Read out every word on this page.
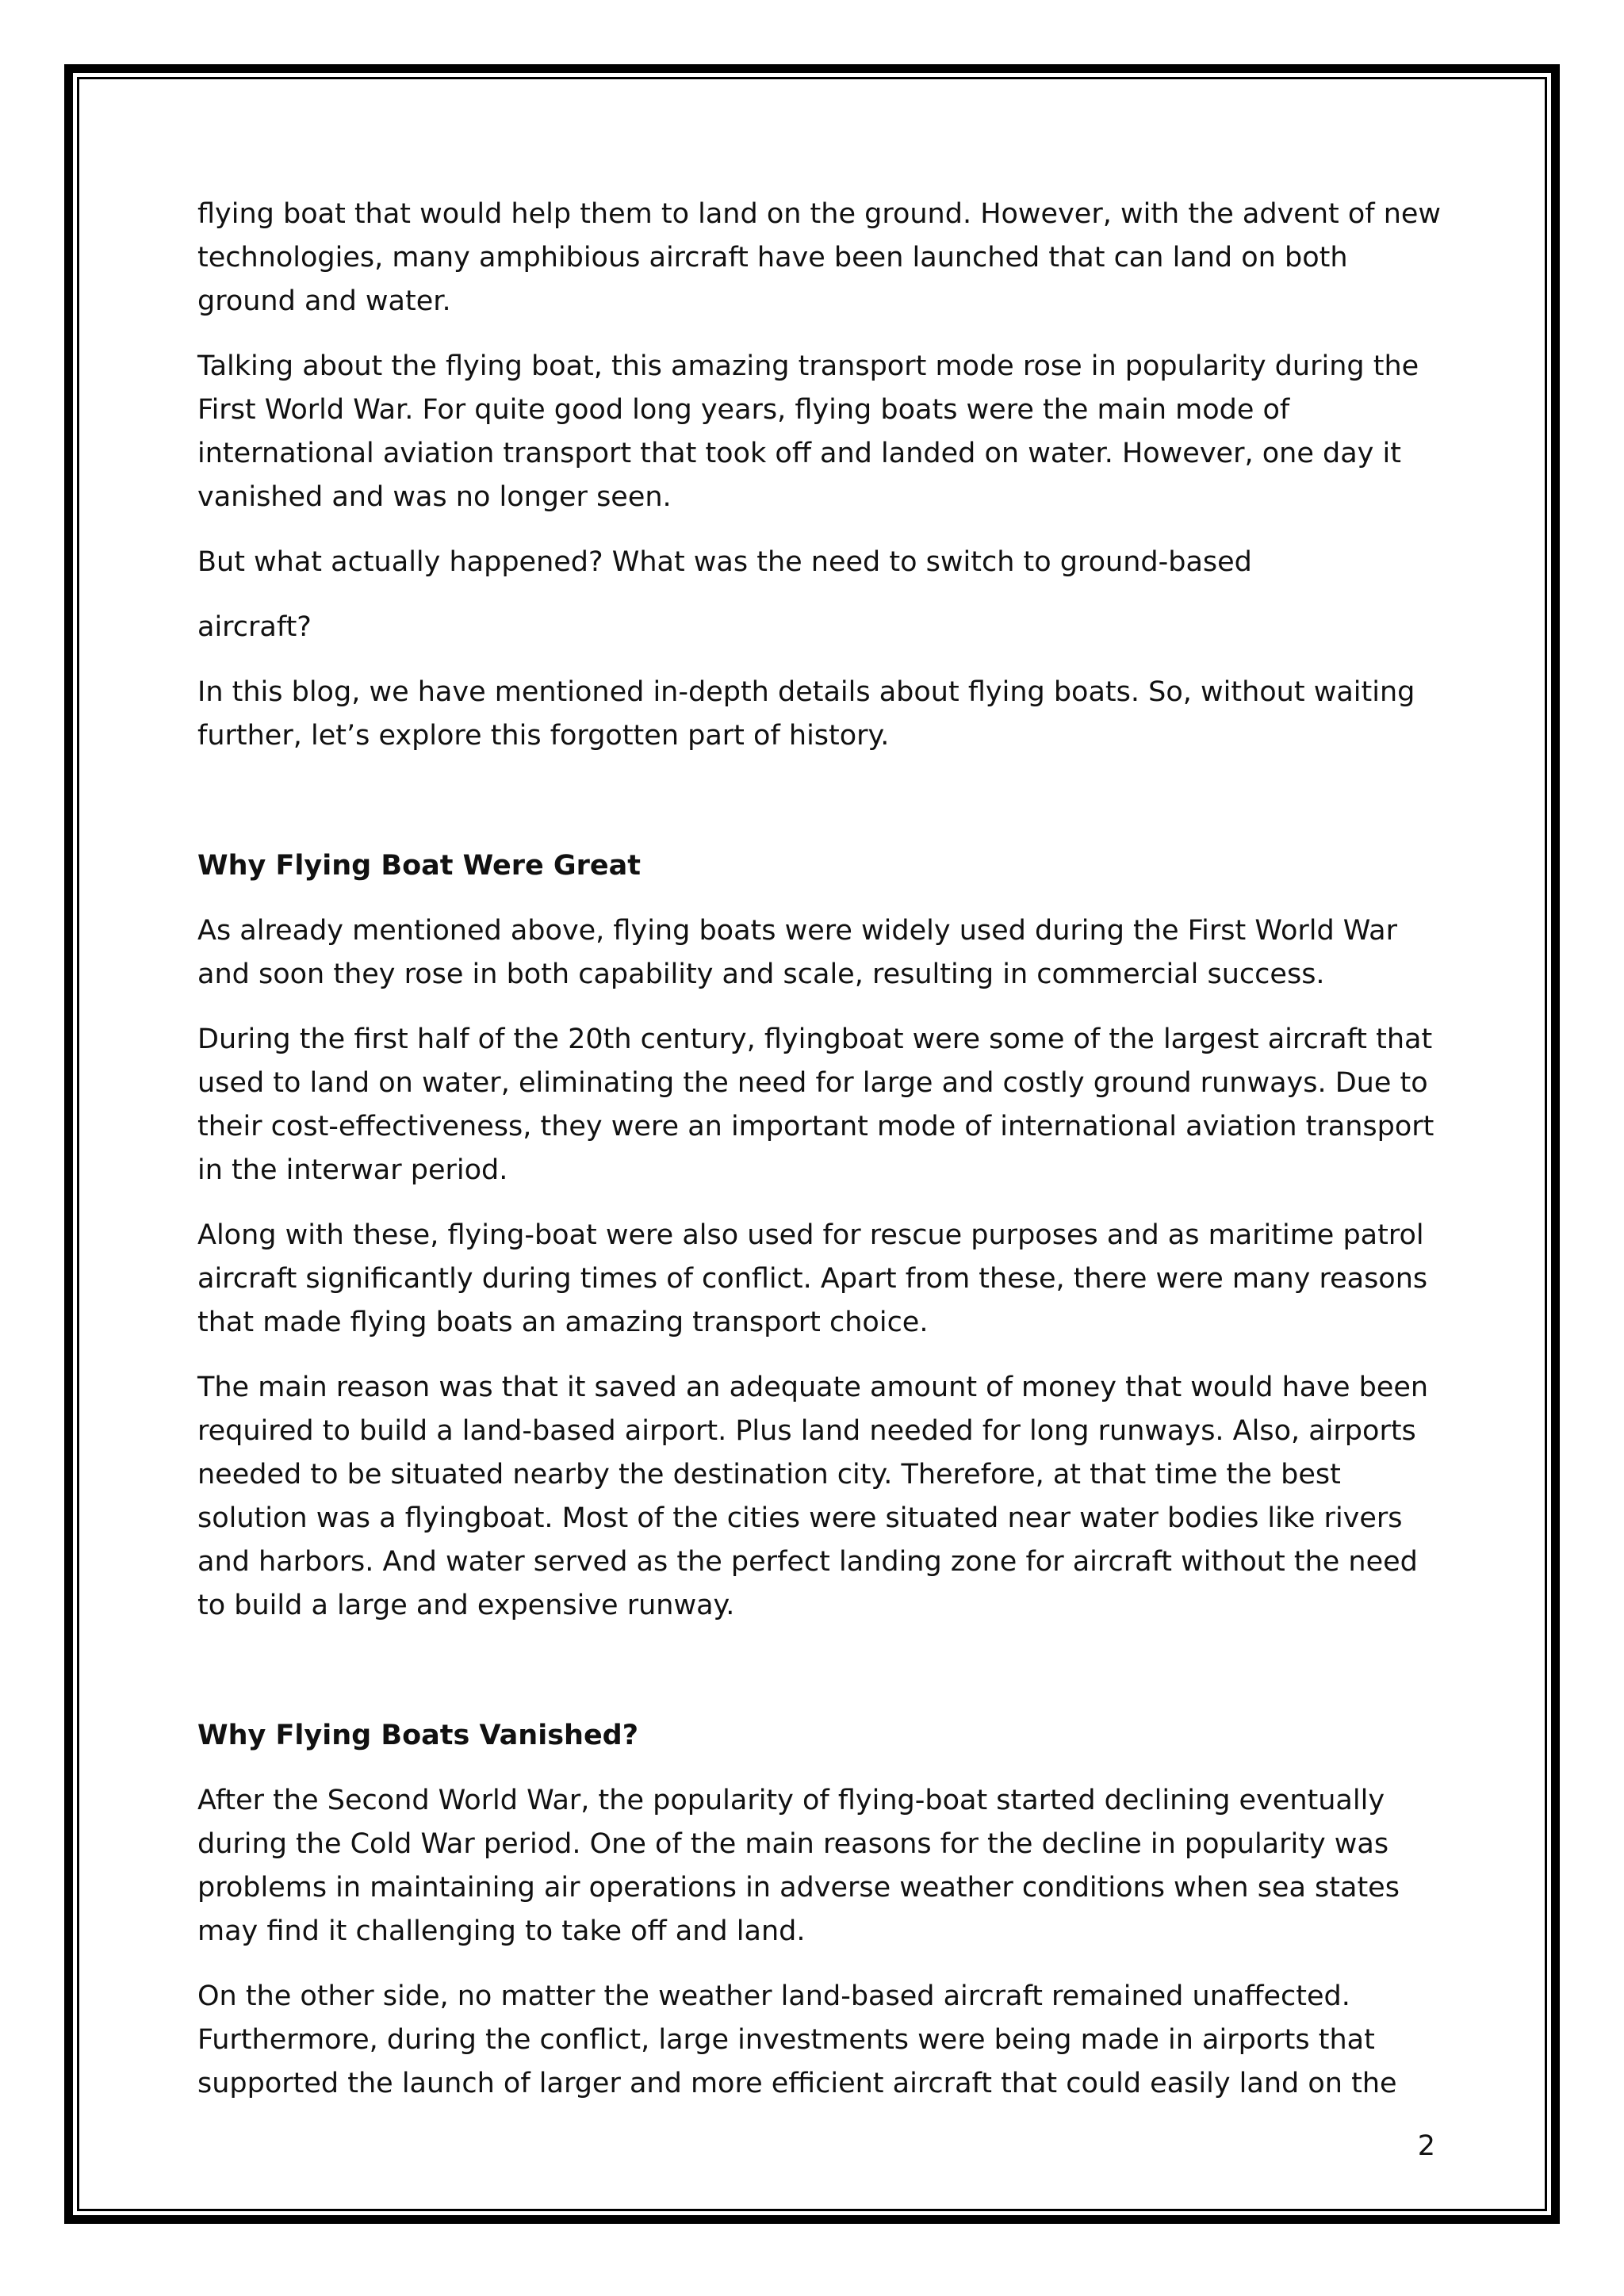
flying boat that would help them to land on the ground. However, with the advent of new technologies, many amphibious aircraft have been launched that can land on both ground and water.

Talking about the flying boat, this amazing transport mode rose in popularity during the First World War. For quite good long years, flying boats were the main mode of international aviation transport that took off and landed on water. However, one day it vanished and was no longer seen.

But what actually happened? What was the need to switch to ground-based

aircraft?

In this blog, we have mentioned in-depth details about flying boats. So, without waiting further, let’s explore this forgotten part of history.

Why Flying Boat Were Great

As already mentioned above, flying boats were widely used during the First World War and soon they rose in both capability and scale, resulting in commercial success.

During the first half of the 20th century, flyingboat were some of the largest aircraft that used to land on water, eliminating the need for large and costly ground runways. Due to their cost-effectiveness, they were an important mode of international aviation transport in the interwar period.

Along with these, flying-boat were also used for rescue purposes and as maritime patrol aircraft significantly during times of conflict. Apart from these, there were many reasons that made flying boats an amazing transport choice.

The main reason was that it saved an adequate amount of money that would have been required to build a land-based airport. Plus land needed for long runways. Also, airports needed to be situated nearby the destination city. Therefore, at that time the best solution was a flyingboat. Most of the cities were situated near water bodies like rivers and harbors. And water served as the perfect landing zone for aircraft without the need to build a large and expensive runway.

Why Flying Boats Vanished?

After the Second World War, the popularity of flying-boat started declining eventually during the Cold War period. One of the main reasons for the decline in popularity was problems in maintaining air operations in adverse weather conditions when sea states may find it challenging to take off and land.

On the other side, no matter the weather land-based aircraft remained unaffected. Furthermore, during the conflict, large investments were being made in airports that supported the launch of larger and more efficient aircraft that could easily land on the

2
